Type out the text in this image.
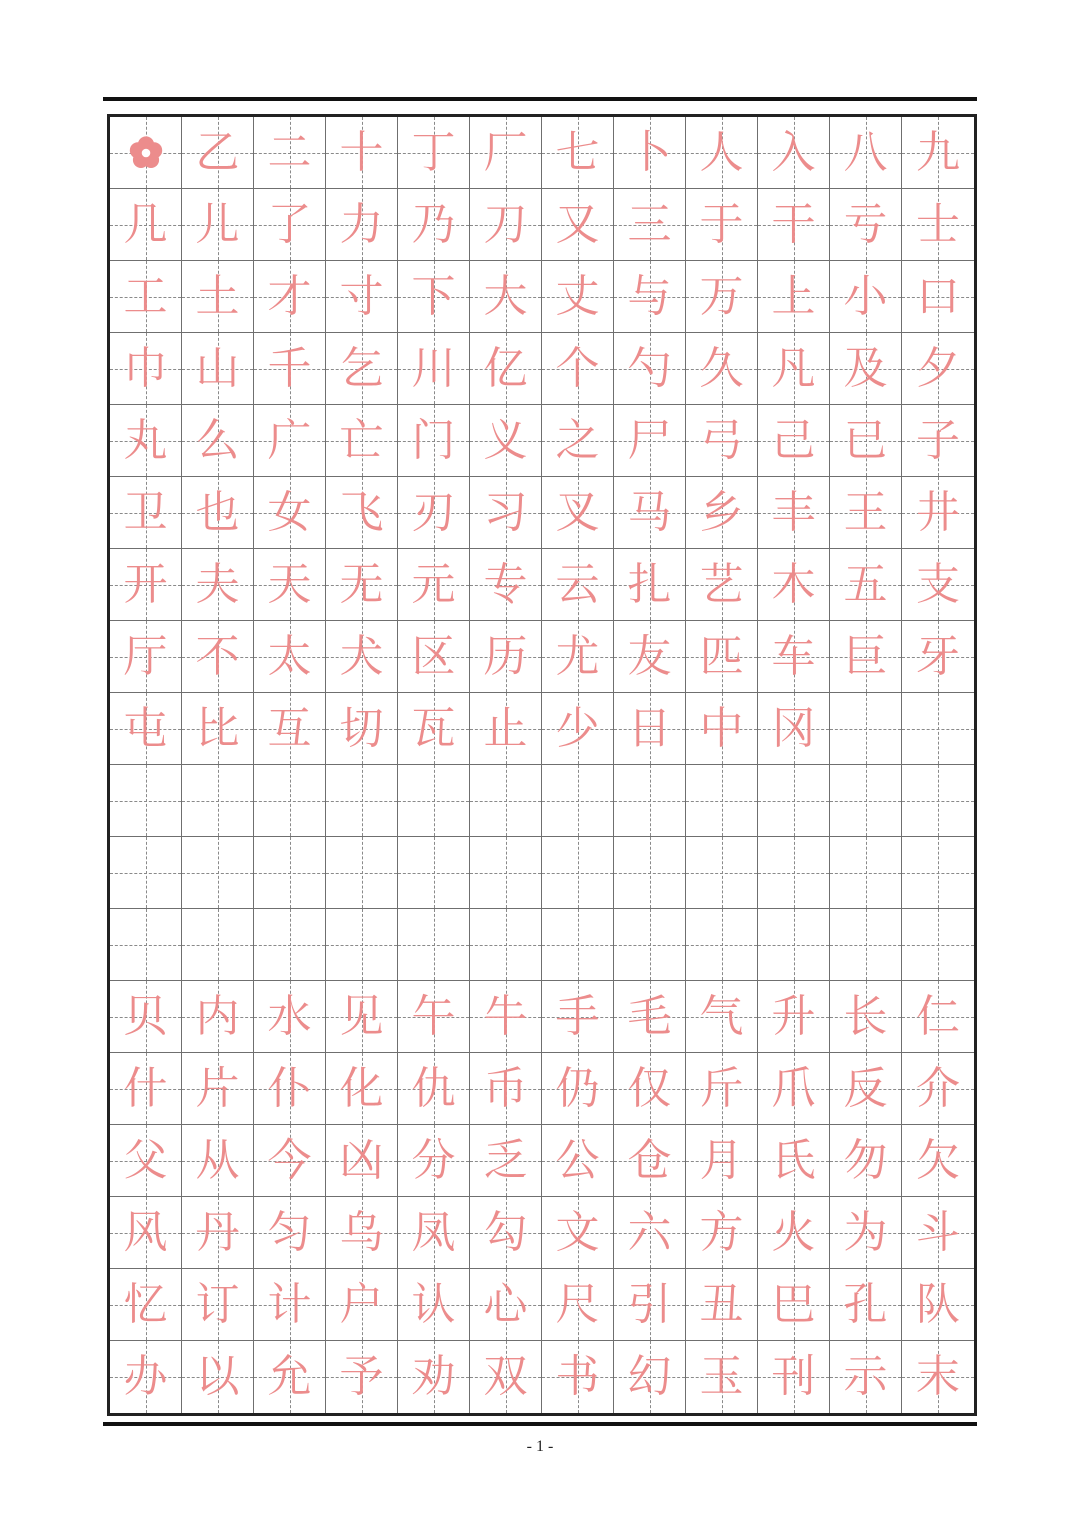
乙 二 十 丁 厂 七 卜 人 入 八 九
几 儿 了 力 乃 刀 又 三 于 干 亏 士
工 土 才 寸 下 大 丈 与 万 上 小 口
巾 山 千 乞 川 亿 个 勺 久 凡 及 夕
丸 么 广 亡 门 义 之 尸 弓 己 已 子
卫 也 女 飞 刃 习 叉 马 乡 丰 王 井
开 夫 天 无 元 专 云 扎 艺 木 五 支
厅 不 太 犬 区 历 尤 友 匹 车 巨 牙
屯 比 互 切 瓦 止 少 日 中 冈
贝 内 水 见 午 牛 手 毛 气 升 长 仁
什 片 仆 化 仇 币 仍 仅 斤 爪 反 介
父 从 今 凶 分 乏 公 仓 月 氏 勿 欠
风 丹 匀 乌 凤 勾 文 六 方 火 为 斗
忆 订 计 户 认 心 尺 引 丑 巴 孔 队
办 以 允 予 劝 双 书 幻 玉 刊 示 末
- 1 -
